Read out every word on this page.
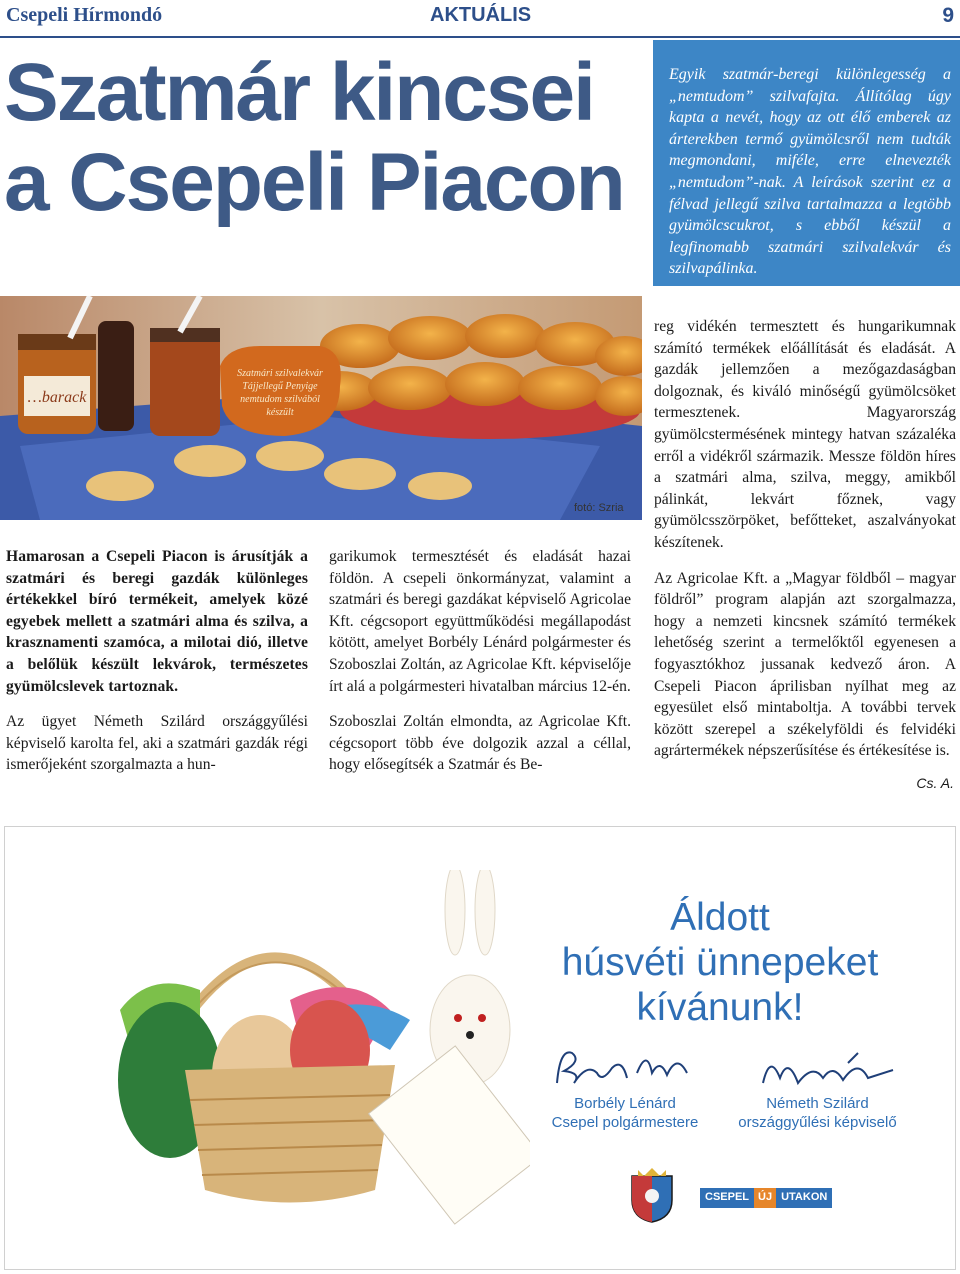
Csepeli Hírmondó	AKTUÁLIS	9
Szatmár kincsei
a Csepeli Piacon
Egyik szatmár-beregi különlegesség a „nemtudom” szilvafajta. Állítólag úgy kapta a nevét, hogy az ott élő emberek az árterekben termő gyümölcsről nem tudták megmondani, miféle, erre elnevezték „nemtudom”-nak. A leírások szerint ez a félvad jellegű szilva tartalmazza a legtöbb gyümölcscukrot, s ebből készül a legfinomabb szatmári szilvalekvár és szilvapálinka.
…barack
Szatmári szilvalekvár
Tájjellegű Penyige
nemtudom szilvából
készült
fotó: Szria

Hamarosan a Csepeli Piacon is árusítják a szatmári és beregi gazdák különleges értékekkel bíró termékeit, amelyek közé egyebek mellett a szatmári alma és szilva, a krasznamenti szamóca, a milotai dió, illetve a belőlük készült lekvárok, természetes gyümölcslevek tartoznak.

Az ügyet Németh Szilárd országgyűlési képviselő karolta fel, aki a szatmári gazdák régi ismerőjeként szorgalmazta a hun-

garikumok termesztését és eladását hazai földön. A csepeli önkormányzat, valamint a szatmári és beregi gazdákat képviselő Agricolae Kft. cégcsoport együttműködési megállapodást kötött, amelyet Borbély Lénárd polgármester és Szoboszlai Zoltán, az Agricolae Kft. képviselője írt alá a polgármesteri hivatalban március 12-én.

Szoboszlai Zoltán elmondta, az Agricolae Kft. cégcsoport több éve dolgozik azzal a céllal, hogy elősegítsék a Szatmár és Be-

reg vidékén termesztett és hungarikumnak számító termékek előállítását és eladását. A gazdák jellemzően a mezőgazdaságban dolgoznak, és kiváló minőségű gyümölcsöket termesztenek. Magyarország gyümölcstermésének mintegy hatvan százaléka erről a vidékről származik. Messze földön híres a szatmári alma, szilva, meggy, amikből pálinkát, lekvárt főznek, vagy gyümölcsszörpöket, befőtteket, aszalványokat készítenek.

Az Agricolae Kft. a „Magyar földből – magyar földről” program alapján azt szorgalmazza, hogy a nemzeti kincsnek számító termékek lehetőség szerint a termelőktől egyenesen a fogyasztókhoz jussanak kedvező áron. A Csepeli Piacon áprilisban nyílhat meg az egyesület első mintaboltja. A további tervek között szerepel a székelyföldi és felvidéki agrártermékek népszerűsítése és értékesítése is.

Cs. A.
Áldott
húsvéti ünnepeket
kívánunk!
Borbély Lénárd
Csepel polgármestere
Németh Szilárd
országgyűlési képviselő
CSEPEL ÚJ UTAKON
